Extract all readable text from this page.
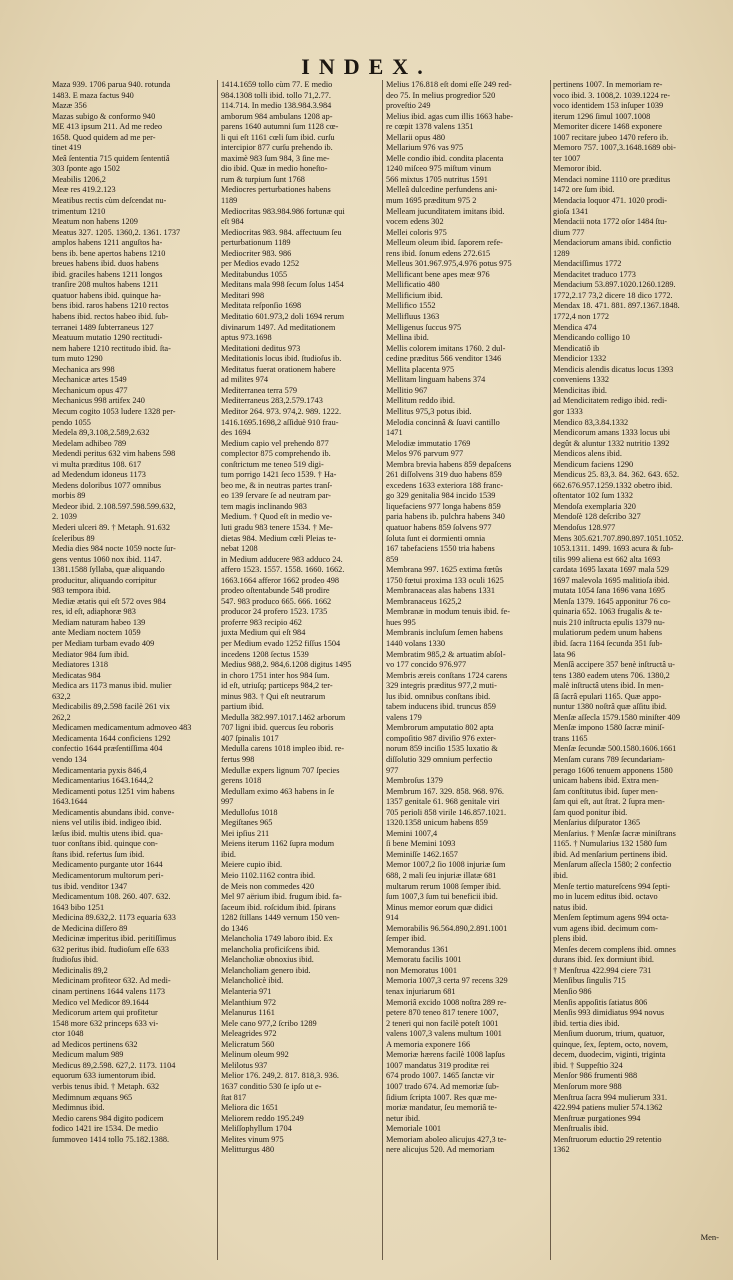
INDEX.
Maza 939. 1706 parua 940. rotunda
1483. E maza factus 940
Mazæ 356
Mazas subigo & conformo 940
ME 413 ipsum 211. Ad me redeo
1658. Quod quidem ad me per-
tinet 419
Meâ ſententia 715 quidem ſententiâ
303 ſponte ago 1502
Meabilis 1206,2
Meæ res 419.2.123
Meatibus rectis cùm deſcendat nu-
trimentum 1210
Meatum non habens 1209
Meatus 327. 1205. 1360,2. 1361. 1737
amplos habens 1211 anguſtos ha-
bens ib. bene apertos habens 1210
breues habens ibid. duos habens
ibid. graciles habens 1211 longos
tranſire 208 multos habens 1211
quatuor habens ibid. quinque ha-
bens ibid. raros habens 1210 rectos
habens ibid. rectos habeo ibid. ſub-
terranei 1489 ſubterraneus 127
Meatuum mutatio 1290 rectitudi-
nem habere 1210 rectitudo ibid. ſta-
tum muto 1290
Mechanica ars 998
Mechanicæ artes 1549
Mechanicum opus 477
Mechanicus 998 artifex 240
Mecum cogito 1053 ludere 1328 per-
pendo 1055
Medela 89,3.108,2.589,2.632
Medelam adhibeo 789
Medendi peritus 632 vim habens 598
vi multa præditus 108. 617
ad Medendum idoneus 1173
Medens doloribus 1077 omnibus
morbis 89
Medeor ibid. 2.108.597.598.599.632,
2. 1039
Mederi ulceri 89. † Metaph. 91.632
ſceleribus 89
Media dies 984 nocte 1059 nocte ſur-
gens ventus 1060 nox ibid. 1147.
1381.1588 ſyllaba, quæ aliquando
producitur, aliquando corripitur
983 tempora ibid.
Mediæ ætatis qui eſt 572 oves 984
res, id eſt, adiaphoræ 983
Mediam naturam habeo 139
ante Mediam noctem 1059
per Mediam turbam evado 409
Mediator 984 ſum ibid.
Mediatores 1318
Medicatas 984
Medica ars 1173 manus ibid. mulier
632,2
Medicabilis 89,2.598 facilè 261 vix
262,2
Medicamen medicamentum admoveo 483
Medicamenta 1644 conficiens 1292
confectio 1644 præſentiſſima 404
vendo 134
Medicamentaria pyxis 846,4
Medicamentarius 1643.1644,2
Medicamenti potus 1251 vim habens
1643.1644
Medicamentis abundans ibid. conve-
niens vel utilis ibid. indigeo ibid.
læſus ibid. multis utens ibid. qua-
tuor conſtans ibid. quinque con-
ſtans ibid. refertus ſum ibid.
Medicamento purgante utor 1644
Medicamentorum multorum peri-
tus ibid. venditor 1347
Medicamentum 108. 260. 407. 632.
1643 bibo 1251
Medicina 89.632,2. 1173 equaria 633
de Medicina diſſero 89
Medicinæ imperitus ibid. peritiſſimus
632 peritus ibid. ſtudioſum eſſe 633
ſtudioſus ibid.
Medicinalis 89,2
Medicinam profiteor 632. Ad medi-
cinam pertinens 1644 valens 1173
Medico vel Medicor 89.1644
Medicorum artem qui profitetur
1548 more 632 princeps 633 vi-
ctor 1048
ad Medicos pertinens 632
Medicum malum 989
Medicus 89,2.598. 627,2. 1173. 1104
equorum 633 iumentorum ibid.
verbis tenus ibid. † Metaph. 632
Medimnum æquans 965
Medimnus ibid.
Medio carens 984 digito podicem
fodico 1421 ire 1534. De medio
ſummoveo 1414 tollo 75.182.1388.
1414.1659 tollo cùm 77. E medio
984.1308 tolli ibid. tollo 71,2.77.
114.714. In medio 138.984.3.984
amborum 984 ambulans 1208 ap-
parens 1640 autumni ſum 1128 cœ-
li qui eſt 1161 cœli ſum ibid. curſu
intercipior 877 curſu prehendo ib.
maximè 983 ſum 984, 3 ſine me-
dio ibid. Quæ in medio honeſto-
rum & turpium ſunt 1768
Mediocres perturbationes habens
1189
Mediocritas 983.984.986 fortunæ qui
eſt 984
Mediocritas 983. 984. affectuum ſeu
perturbationum 1189
Mediocriter 983. 986
per Medios evado 1252
Meditabundus 1055
Meditans mala 998 ſecum ſolus 1454
Meditari 998
Meditata reſponſio 1698
Meditatio 601.973,2 doli 1694 rerum
divinarum 1497. Ad meditationem
aptus 973.1698
Meditationi deditus 973
Meditationis locus ibid. ſtudioſus ib.
Meditatus fuerat orationem habere
ad milites 974
Mediterranea terra 579
Mediterraneus 283,2.579.1743
Meditor 264. 973. 974,2. 989. 1222.
1416.1695.1698,2 aſſiduè 910 frau-
des 1694
Medium capio vel prehendo 877
complector 875 comprehendo ib.
conſtrictum me teneo 519 digi-
tum porrigo 1421 ſeco 1539. † Ha-
beo me, & in neutras partes tranſ-
eo 139 ſervare ſe ad neutram par-
tem magis inclinando 983
Medium. † Quod eſt in medio ve-
luti gradu 983 tenere 1534. † Me-
dietas 984. Medium cœli Pleias te-
nebat 1208
in Medium adducere 983 adduco 24.
affero 1523. 1557. 1558. 1660. 1662.
1663.1664 afferor 1662 prodeo 498
prodeo oſtentabunde 548 prodire
547. 983 produco 665. 666. 1662
producor 24 profero 1523. 1735
proferre 983 recipio 462
juxta Medium qui eſt 984
per Medium evado 1252 fiſſus 1504
incedens 1208 ſectus 1539
Medius 988,2. 984,6.1208 digitus 1495
in choro 1751 inter hos 984 ſum.
id eſt, utriuſq; particeps 984,2 ter-
minus 983. † Qui eſt neutrarum
partium ibid.
Medulla 382.997.1017.1462 arborum
707 ligni ibid. quercus ſeu roboris
407 ſpinalis 1017
Medulla carens 1018 impleo ibid. re-
fertus 998
Medullæ expers lignum 707 ſpecies
gerens 1018
Medullam eximo 463 habens in ſe
997
Medulloſus 1018
Megiſtanes 965
Mei ipſius 211
Meiens iterum 1162 ſupra modum
ibid.
Meiere cupio ibid.
Meio 1102.1162 contra ibid.
de Meis non commedes 420
Mel 97 aërium ibid. frugum ibid. fa-
ſaceum ibid. roſcidum ibid. ſpirans
1282 ſtillans 1449 vernum 150 ven-
do 1346
Melancholia 1749 laboro ibid. Ex
melancholia proficiſcens ibid.
Melancholiæ obnoxius ibid.
Melancholiam genero ibid.
Melancholicè ibid.
Melanteria 971
Melanthium 972
Melanurus 1161
Mele cano 977,2 ſcribo 1289
Meleagrides 972
Melicratum 560
Melinum oleum 992
Melilotus 937
Melior 176. 249,2. 817. 818,3. 936.
1637 conditio 530 ſe ipſo ut e-
ſtat 817
Meliora dic 1651
Meliorem reddo 195.249
Meliſſophyllum 1704
Melites vinum 975
Melitturgus 480
Melius 176.818 eſt domi eſſe 249 red-
deo 75. In melius progredior 520
proveſtio 249
Melius ibid. agas cum illis 1663 habe-
re cœpit 1378 valens 1351
Mellarii opus 480
Mellarium 976 vas 975
Melle condio ibid. condita placenta
1240 miſceo 975 miſtum vinum
566 mixtus 1705 nutritus 1591
Melleâ dulcedine perfundens ani-
mum 1695 præditum 975 2
Melleam jucunditatem imitans ibid.
vocem edens 302
Mellei coloris 975
Melleum oleum ibid. ſaporem refe-
rens ibid. ſonum edens 272.615
Melleus 301.967.975,4.976 potus 975
Mellificant bene apes meæ 976
Mellificatio 480
Mellificium ibid.
Mellifico 1552
Mellifluus 1363
Melligenus ſuccus 975
Mellina ibid.
Mellis colorem imitans 1760. 2 dul-
cedine præditus 566 venditor 1346
Mellita placenta 975
Mellitam linguam habens 374
Mellitio 967
Mellitum reddo ibid.
Mellitus 975,3 potus ibid.
Melodia concinnâ & ſuavi cantillo
1471
Melodiæ immutatio 1769
Melos 976 parvum 977
Membra brevia habens 859 depaſcens
261 diſſolvens 319 duo habens 859
excedens 1633 exteriora 188 franc-
go 329 genitalia 984 incido 1539
liquefaciens 977 longa habens 859
paria habens ib. pulchra habens 340
quatuor habens 859 ſolvens 977
ſoluta ſunt ei dormienti omnia
167 tabefaciens 1550 tria habens
859
Membrana 997. 1625 extima fœtûs
1750 fœtui proxima 133 oculi 1625
Membranaceas alas habens 1331
Membranaceus 1625,2
Membranæ in modum tenuis ibid. fe-
hues 995
Membranis incluſum ſemen habens
1440 volans 1330
Membratim 985,2 & artuatim abſol-
vo 177 concido 976.977
Membris æreis conſtans 1724 carens
329 integris præditus 977,2 muti-
lus ibid. omnibus conſtans ibid.
tabem inducens ibid. truncus 859
valens 179
Membrorum amputatio 802 apta
compoſitio 987 diviſio 976 exter-
norum 859 inciſio 1535 luxatio &
diſſolutio 329 omnium perfectio
977
Membroſus 1379
Membrum 167. 329. 858. 968. 976.
1357 genitale 61. 968 genitale viri
705 perioli 858 virile 146.857.1021.
1320.1358 unicum habens 859
Memini 1007,4
ſi bene Memini 1093
Meminiſſe 1462.1657
Memor 1007,2 ſio 1008 injuriæ ſum
688, 2 mali ſeu injuriæ illatæ 681
multarum rerum 1008 ſemper ibid.
ſum 1007,3 ſum tui beneficii ibid.
Minus memor eorum quæ didici
914
Memorabilis 96.564.890,2.891.1001
ſemper ibid.
Memorandus 1361
Memoratu facilis 1001
non Memoratus 1001
Memoria 1007,3 certa 97 recens 329
tenax injuriarum 681
Memoriâ excido 1008 noſtra 289 re-
petere 870 teneo 817 tenere 1007,
2 teneri qui non facilè poteſt 1001
valens 1007,3 valens multum 1001
A memoria exponere 166
Memoriæ hærens facilè 1008 lapſus
1007 mandatus 319 proditæ rei
674 prodo 1007. 1465 ſanctæ vir
1007 trado 674. Ad memoriæ ſub-
ſidium ſcripta 1007. Res quæ me-
moriæ mandatur, ſeu memoriâ te-
netur ibid.
Memoriale 1001
Memoriam aboleo alicujus 427,3 te-
nere alicujus 520. Ad memoriam
pertinens 1007. In memoriam re-
voco ibid. 3. 1008,2. 1039.1224 re-
voco identidem 153 inſuper 1039
iterum 1296 ſimul 1007.1008
Memoriter dicere 1468 exponere
1007 recitare jubeo 1470 refero ib.
Memoro 757. 1007,3.1648.1689 obi-
ter 1007
Memoror ibid.
Mendaci nomine 1110 ore præditus
1472 ore ſum ibid.
Mendacia loquor 471. 1020 prodi-
gioſa 1341
Mendacii nota 1772 oſor 1484 ſtu-
dium 777
Mendaciorum amans ibid. confictio
1289
Mendaciſſimus 1772
Mendacitet traduco 1773
Mendacium 53.897.1020.1260.1289.
1772,2.17 73,2 dicere 18 dico 1772.
Mendax 18. 471. 881. 897.1367.1848.
1772,4 non 1772
Mendica 474
Mendicando colligo 10
Mendicatiô ib
Mendicior 1332
Mendicis alendis dicatus locus 1393
conveniens 1332
Mendicitas ibid.
ad Mendicitatem redigo ibid. redi-
gor 1333
Mendico 83,3.84.1332
Mendicorum amans 1333 locus ubi
degût & aluntur 1332 nutritio 1392
Mendicos alens ibid.
Mendicum faciens 1290
Mendicus 25. 83,3. 84. 362. 643. 652.
662.676.957.1259.1332 obetro ibid.
oſtentator 102 ſum 1332
Mendoſa exemplaria 320
Mendoſè 128 deſcribo 327
Mendoſus 128.977
Mens 305.621.707.890.897.1051.1052.
1053.1311. 1499. 1693 acura & ſub-
tilis 999 aliena est 662 alta 1693
cardata 1695 laxata 1697 mala 529
1697 malevola 1695 malitioſa ibid.
mutata 1054 ſana 1696 vana 1695
Menſa 1379. 1645 apponitur 76 co-
quinaria 652. 1063 frugalis & te-
nuis 210 inſtructa epulis 1379 nu-
mulatiorum pedem unum habens
ibid. ſacra 1164 ſecunda 351 ſub-
lata 96
Menſâ accipere 357 benè inſtructâ u-
tens 1380 eadem utens 706. 1380,2
malè inſtructâ utens ibid. In men-
ſâ ſacrâ epulari 1165. Quæ appo-
nuntur 1380 noſtrâ quæ aſſitu ibid.
Menſæ aſſecla 1579.1580 miniſter 409
Menſæ impono 1580 ſacræ miniſ-
trans 1165
Menſæ ſecundæ 500.1580.1606.1661
Menſam curans 789 ſecundariam-
perago 1606 tenuem apponens 1580
unicam habens ibid. Extra men-
ſam conſtitutus ibid. ſuper men-
ſam qui eſt, aut ſtrat. 2 ſupra men-
ſam quod ponitur ibid.
Menſarius diſpurator 1365
Menſarius. † Menſæ ſacræ miniſtrans
1165. † Numularius 132 1580 ſum
ibid. Ad menſarium pertinens ibid.
Menſarum aſſecla 1580; 2 confectio
ibid.
Menſe tertio matureſcens 994 ſepti-
mo in lucem editus ibid. octavo
natus ibid.
Menſem ſeptimum agens 994 octa-
vum agens ibid. decimum com-
plens ibid.
Menſes decem complens ibid. omnes
durans ibid. ſex dormiunt ibid.
† Menſtrua 422.994 ciere 731
Menſibus ſingulis 715
Menſio 986
Menſis appoſitis ſatiatus 806
Menſis 993 dimidiatus 994 novus
ibid. tertia dies ibid.
Menſium duorum, trium, quatuor,
quinque, ſex, ſeptem, octo, novem,
decem, duodecim, viginti, triginta
ibid. † Suppeſtio 324
Menſor 986 frumenti 988
Menſorum more 988
Menſtrua ſacra 994 mulierum 331.
422.994 patiens mulier 574.1362
Menſtruæ purgationes 994
Menſtrualis ibid.
Menſtruorum eductio 29 retentio
1362
Men-
